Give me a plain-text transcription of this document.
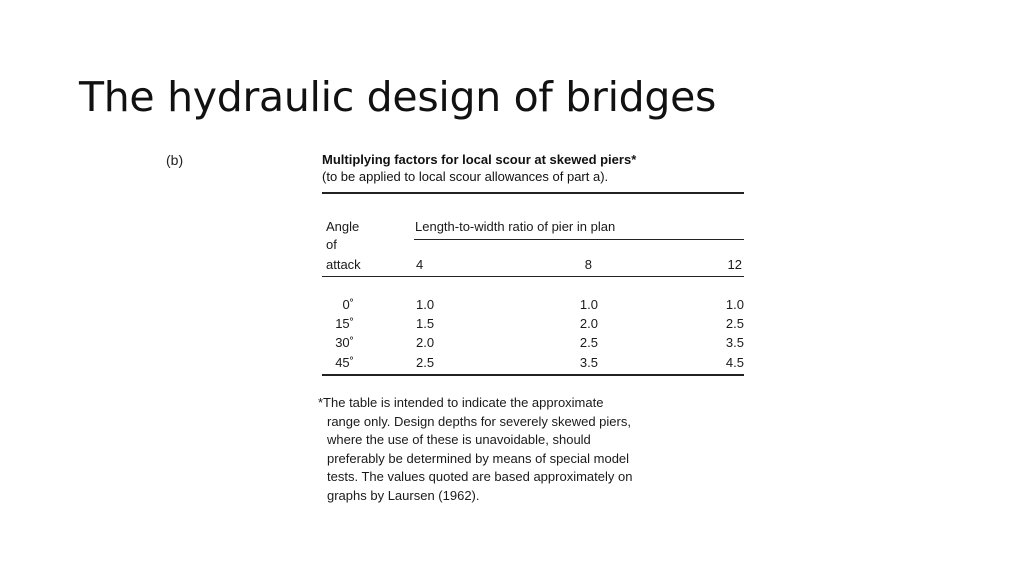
The hydraulic design of bridges
(b)	Multiplying factors for local scour at skewed piers*
(to be applied to local scour allowances of part a).
Angle
of
attack
Length-to-width ratio of pier in plan
4	8	12
0˚	1.0	1.0	1.0
15˚	1.5	2.0	2.5
30˚	2.0	2.5	3.5
45˚	2.5	3.5	4.5
*The table is intended to indicate the approximate
range only. Design depths for severely skewed piers,
where the use of these is unavoidable, should
preferably be determined by means of special model
tests. The values quoted are based approximately on
graphs by Laursen (1962).
